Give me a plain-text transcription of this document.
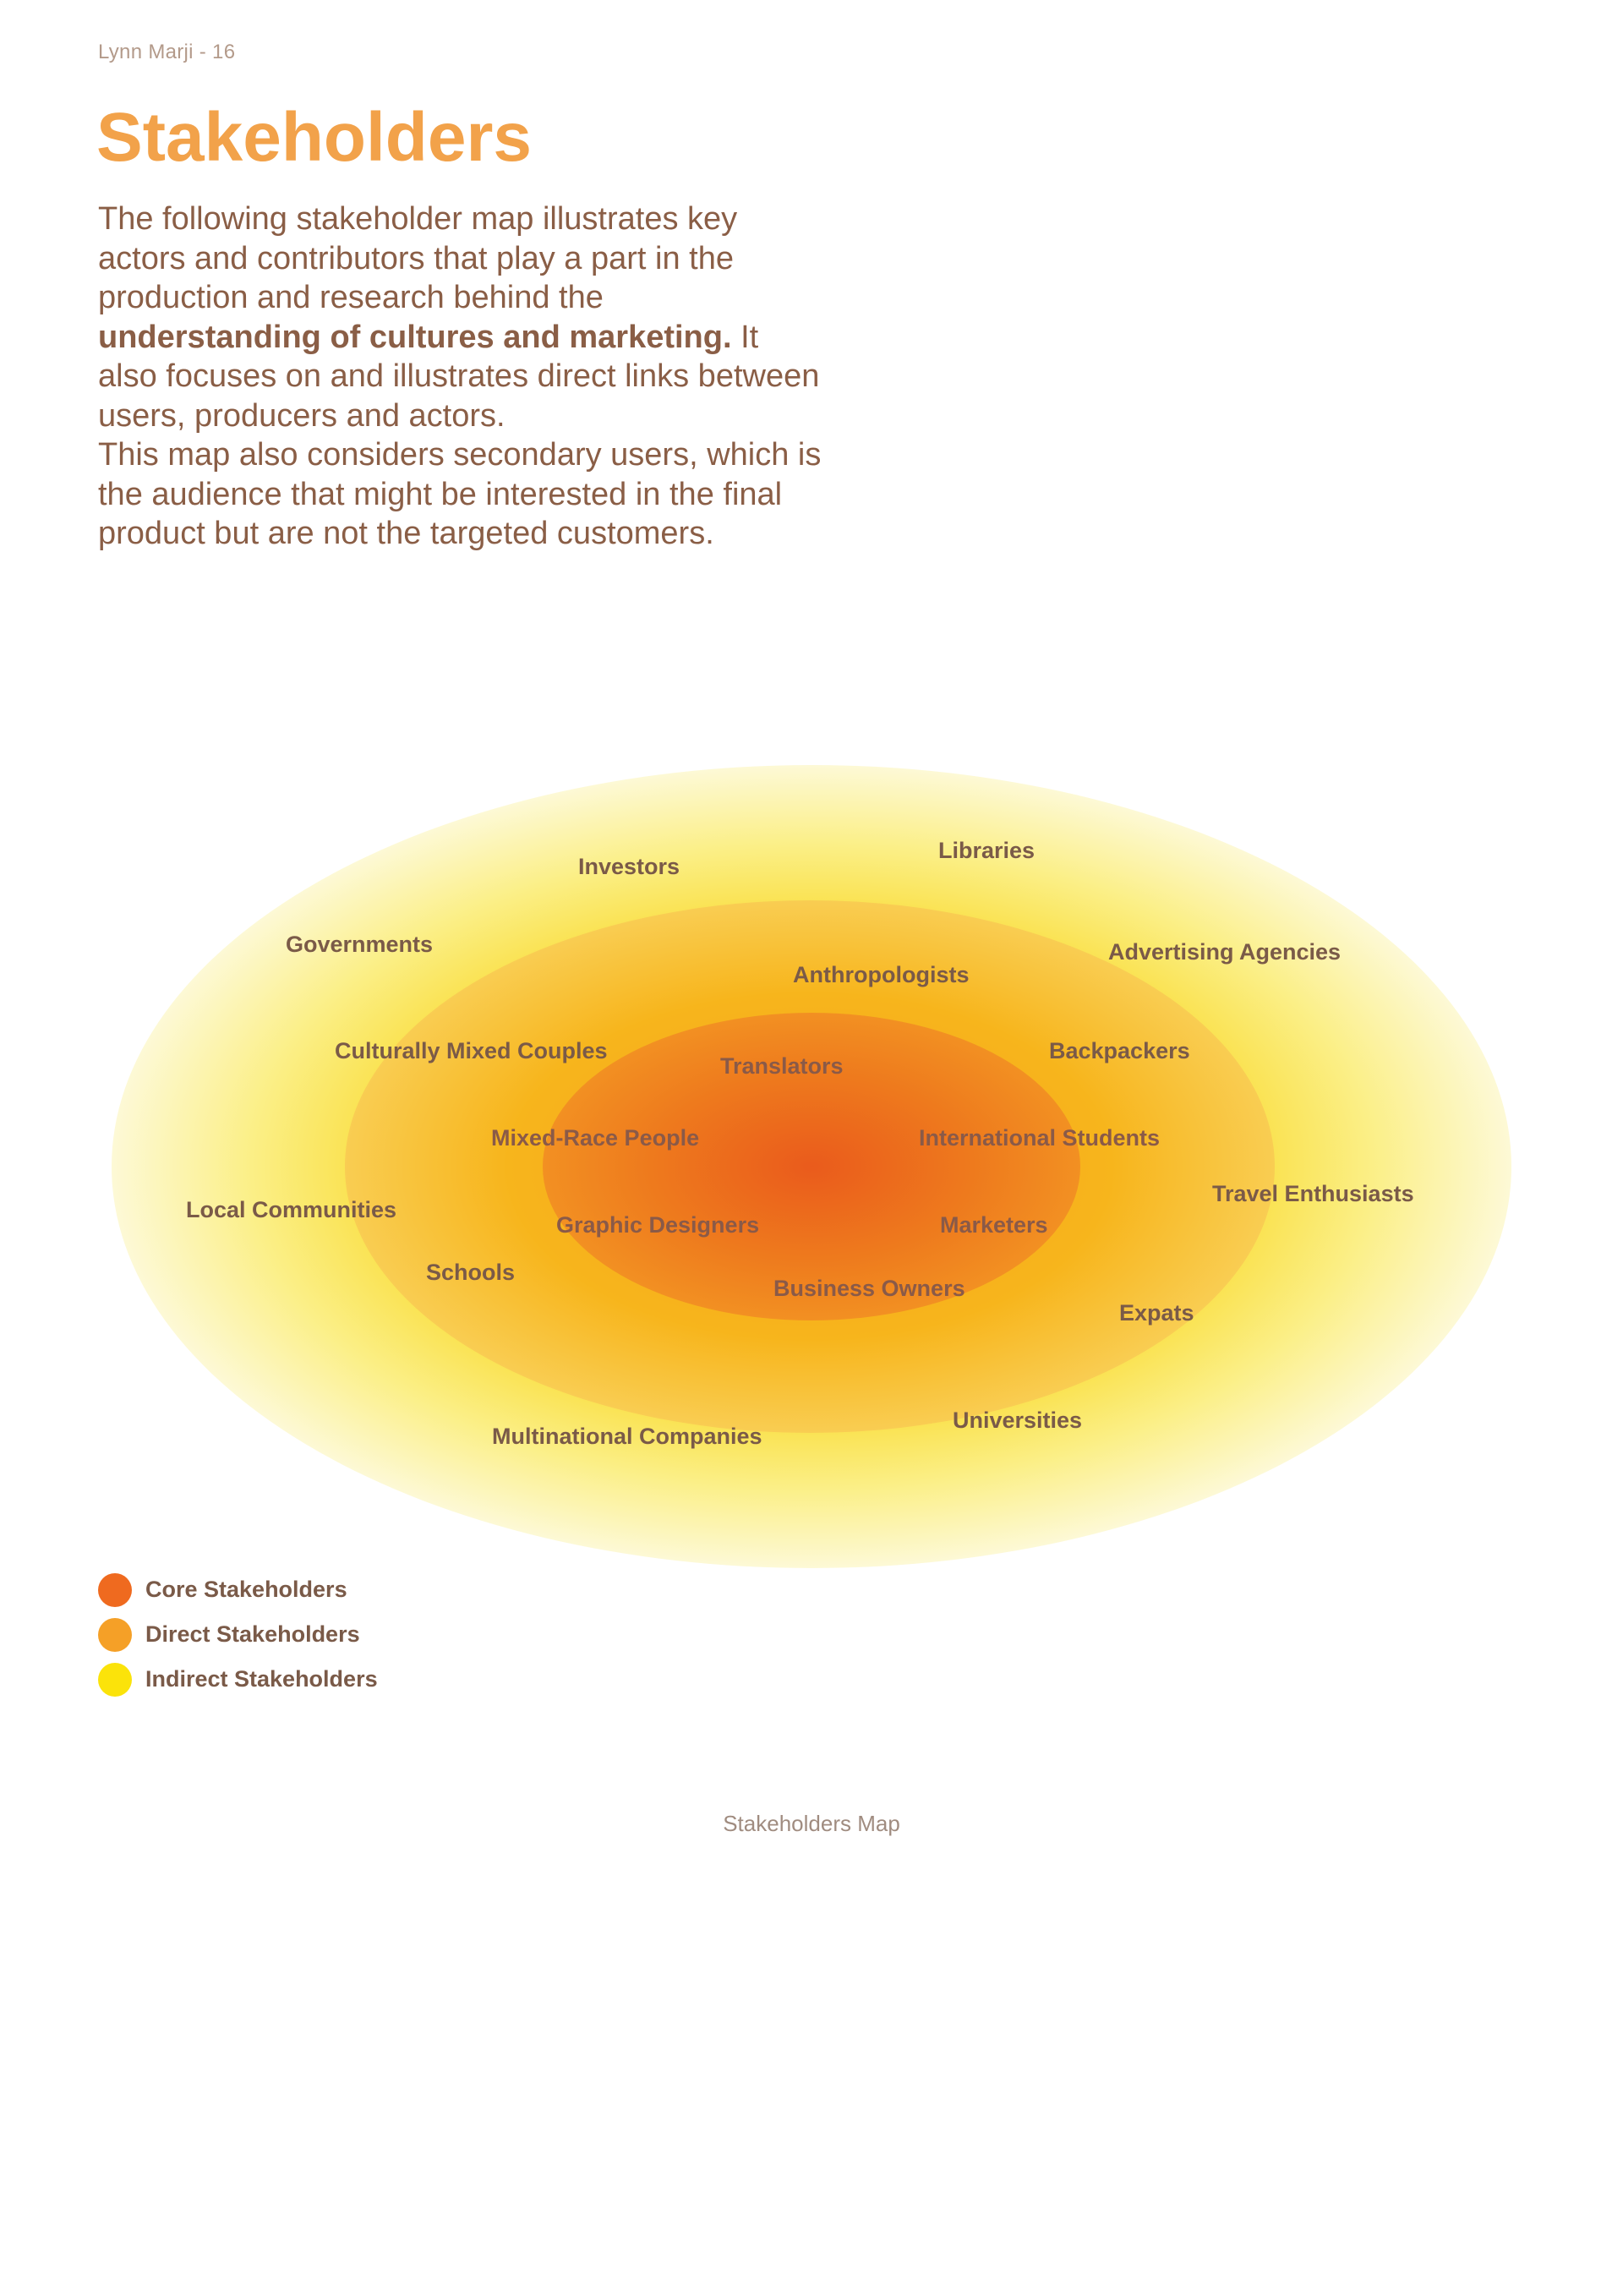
Lynn Marji - 16
Stakeholders

The following stakeholder map illustrates key actors and contributors that play a part in the production and research behind the understanding of cultures and marketing. It also focuses on and illustrates direct links between users, producers and actors.
This map also considers secondary users, which is the audience that might be interested in the final product but are not the targeted customers.

Investors
Libraries
Governments	Advertising Agencies
Local Communities
Travel Enthusiasts
Multinational Companies
Universities
Anthropologists
Culturally Mixed Couples	Backpackers
Schools
Expats
Translators
Mixed-Race People	International Students
Graphic Designers	Marketers
Business Owners
Core Stakeholders
Direct Stakeholders
Indirect Stakeholders
Stakeholders Map
